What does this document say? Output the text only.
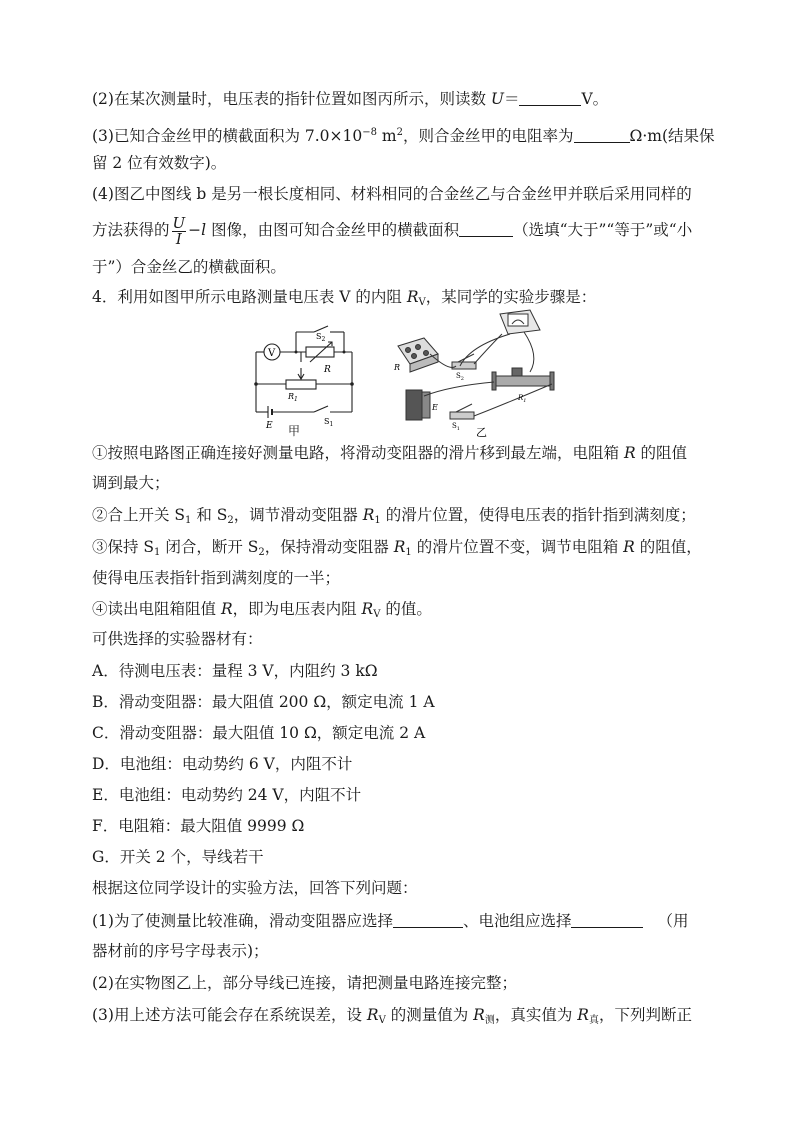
(2)在某次测量时，电压表的指针位置如图丙所示，则读数 U＝	V。
(3)已知合金丝甲的横截面积为 $7.0\times 10^{-8}$ $m^2$，则合金丝甲的电阻率为	Ω·m(结果保
留 2 位有效数字)。
(4)图乙中图线 b 是另一根长度相同、材料相同的合金丝乙与合金丝甲并联后采用同样的
方法获得的 $\frac{U}{I} -l$ 图像，由图可知合金丝甲的横截面积	（选填“大于”“等于”或“小
于”）合金丝乙的横截面积。
4．利用如图甲所示电路测量电压表 V 的内阻 $R_V$，某同学的实验步骤是：
V
R
$S_2$
$R_1$
E	$S_1$
甲
R
$S_2$
$R_1$
E
$S_1$ 乙
①按照电路图正确连接好测量电路，将滑动变阻器的滑片移到最左端，电阻箱 R 的阻值
调到最大；
②合上开关 $S_1$ 和 $S_2$，调节滑动变阻器 $R_1$ 的滑片位置，使得电压表的指针指到满刻度；
③保持 $S_1$ 闭合，断开 $S_2$，保持滑动变阻器 $R_1$ 的滑片位置不变，调节电阻箱 R 的阻值，
使得电压表指针指到满刻度的一半；
④读出电阻箱阻值 R，即为电压表内阻 $R_V$ 的值。
可供选择的实验器材有：
A．待测电压表：量程 3 V，内阻约 3 kΩ
B．滑动变阻器：最大阻值 200 Ω，额定电流 1 A
C．滑动变阻器：最大阻值 10 Ω，额定电流 2 A
D．电池组：电动势约 6 V，内阻不计
E．电池组：电动势约 24 V，内阻不计
F．电阻箱：最大阻值 9999 Ω
G．开关 2 个，导线若干
根据这位同学设计的实验方法，回答下列问题：
(1)为了使测量比较准确，滑动变阻器应选择	、电池组应选择	（用
器材前的序号字母表示)；
(2)在实物图乙上，部分导线已连接，请把测量电路连接完整；
(3)用上述方法可能会存在系统误差，设 $R_V$ 的测量值为 $R_测$，真实值为 $R_真$，下列判断正
